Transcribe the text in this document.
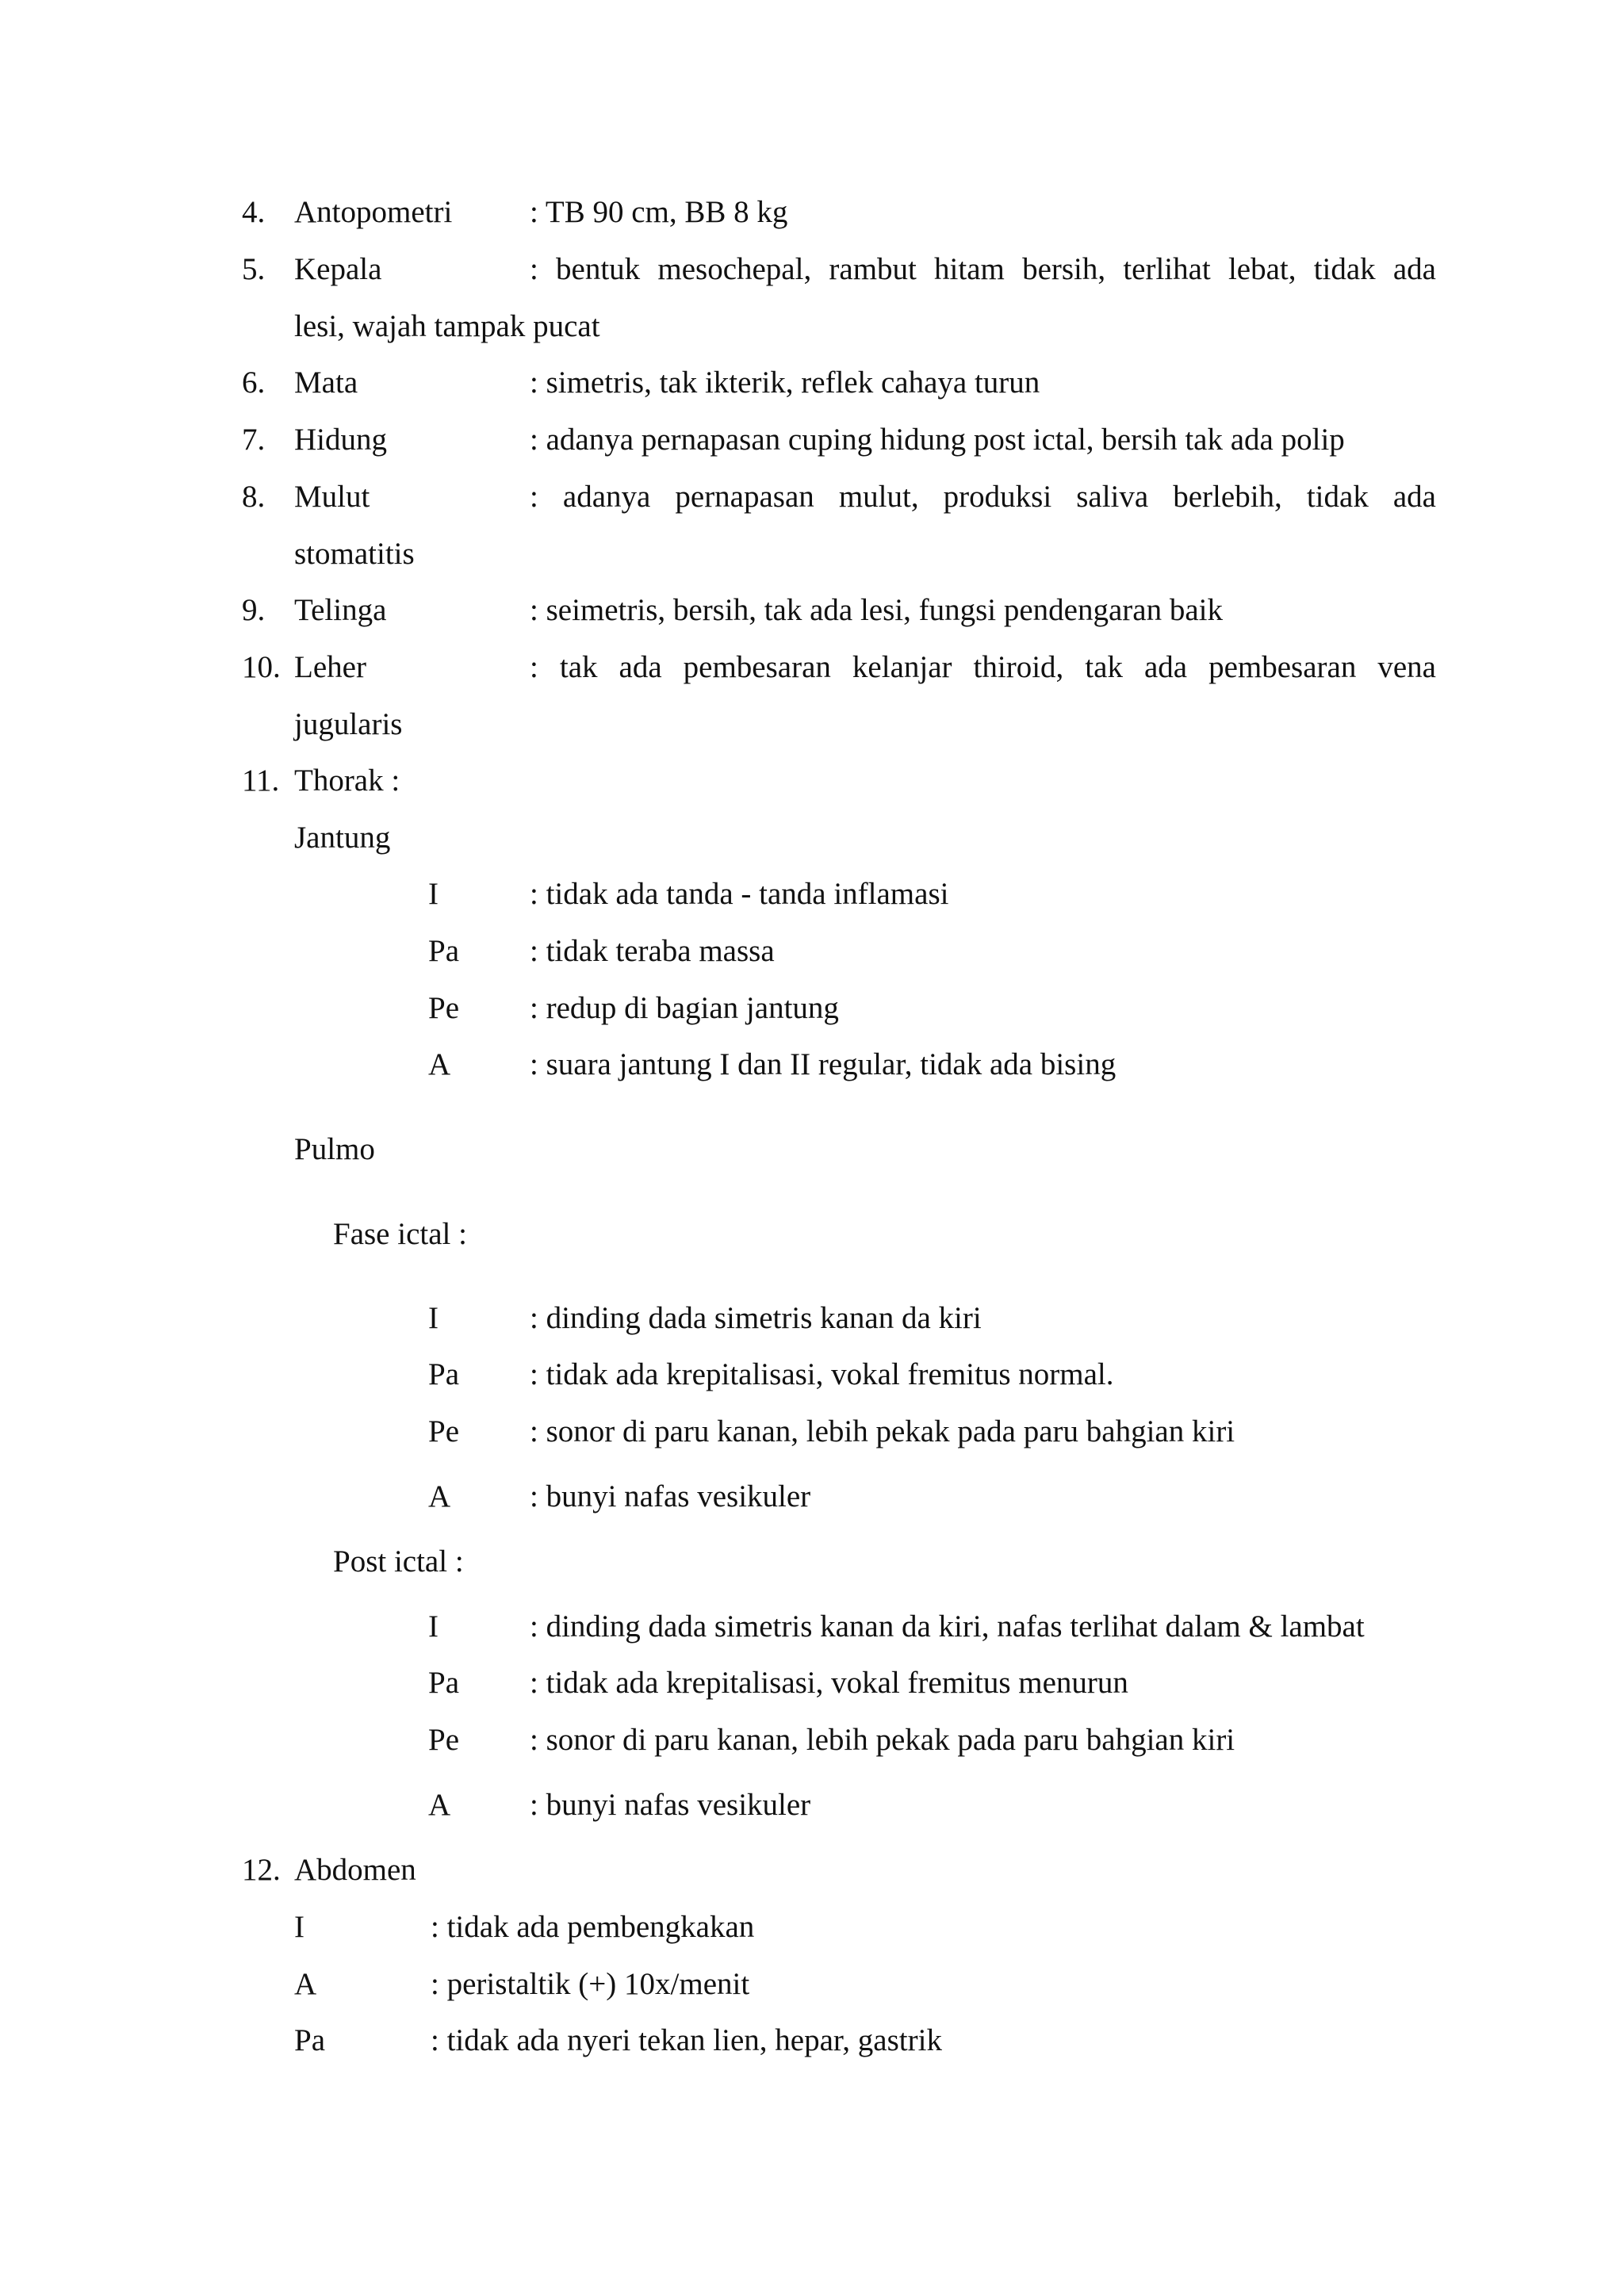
4. Antopometri	: TB 90 cm, BB 8 kg
5. Kepala	: bentuk mesochepal, rambut hitam bersih, terlihat lebat, tidak ada
lesi, wajah tampak pucat
6. Mata	: simetris, tak ikterik, reflek cahaya turun
7. Hidung	: adanya pernapasan cuping hidung post ictal, bersih tak ada polip
8. Mulut	: adanya pernapasan mulut, produksi saliva berlebih, tidak ada
stomatitis
9. Telinga	: seimetris, bersih, tak ada lesi, fungsi pendengaran baik
10. Leher	: tak ada pembesaran kelanjar thiroid, tak ada pembesaran vena
jugularis
11. Thorak :
Jantung
I	: tidak ada tanda - tanda inflamasi
Pa : tidak teraba massa
Pe : redup di bagian jantung
A	: suara jantung I dan II regular, tidak ada bising
Pulmo
Fase ictal :
I	: dinding dada simetris kanan da kiri
Pa : tidak ada krepitalisasi, vokal fremitus normal.
Pe : sonor di paru kanan, lebih pekak pada paru bahgian kiri
A	: bunyi nafas vesikuler
Post ictal :
I	: dinding dada simetris kanan da kiri, nafas terlihat dalam & lambat
Pa : tidak ada krepitalisasi, vokal fremitus menurun
Pe : sonor di paru kanan, lebih pekak pada paru bahgian kiri
A	: bunyi nafas vesikuler
12. Abdomen
I	: tidak ada pembengkakan
A	: peristaltik (+) 10x/menit
Pa	: tidak ada nyeri tekan lien, hepar, gastrik
